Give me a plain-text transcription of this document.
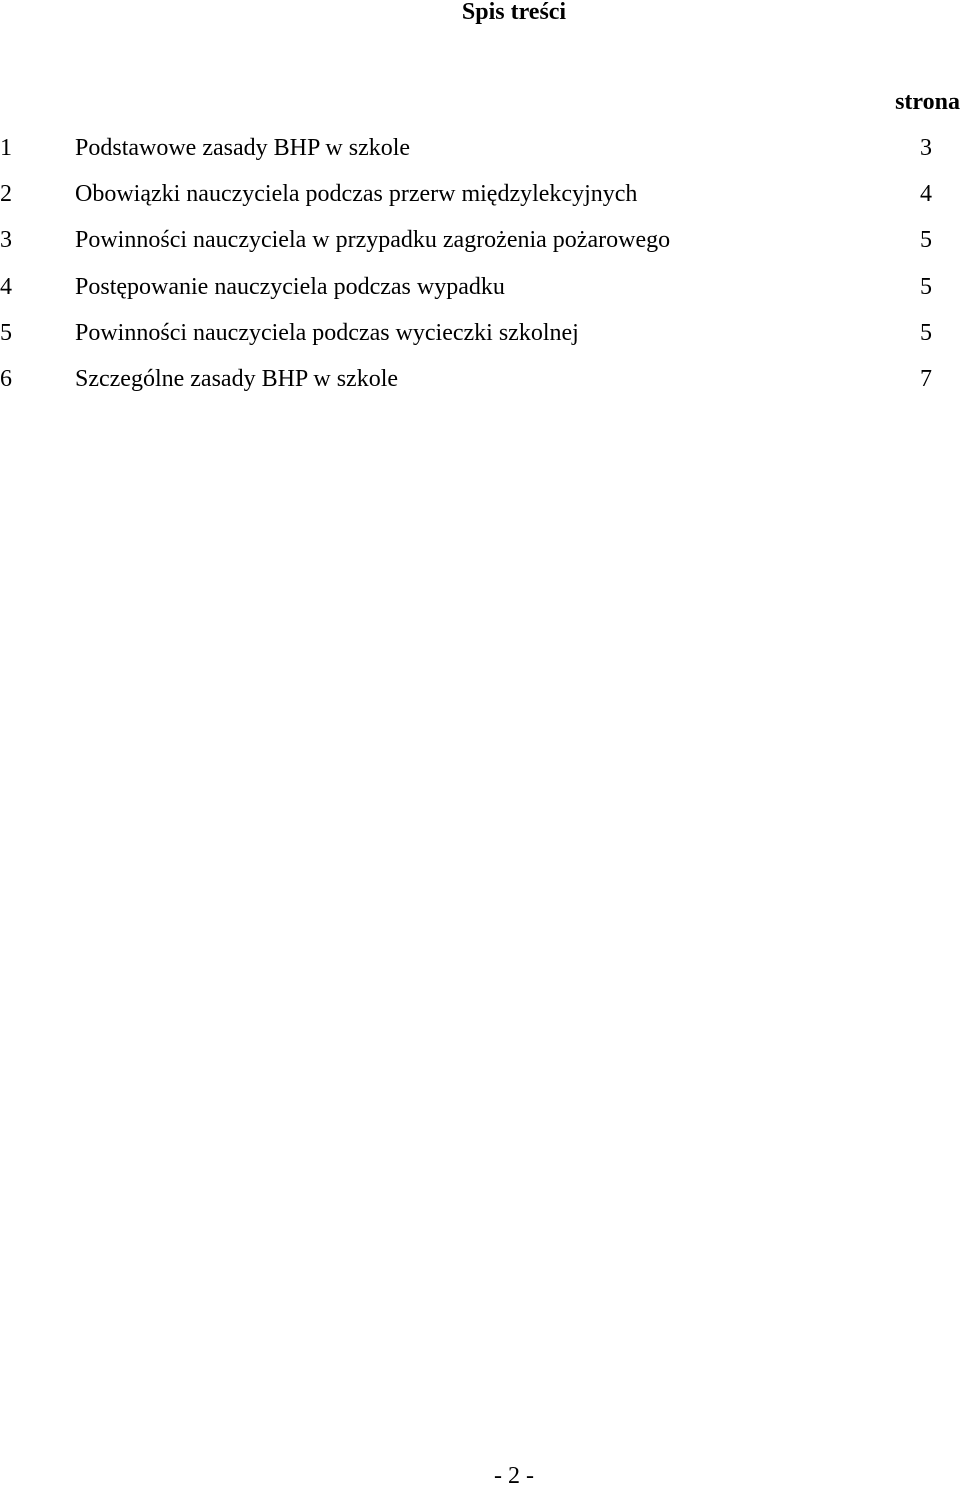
Spis treści
strona
1	Podstawowe zasady BHP w szkole	3
2	Obowiązki nauczyciela podczas przerw międzylekcyjnych	4
3	Powinności nauczyciela w przypadku zagrożenia pożarowego	5
4	Postępowanie nauczyciela podczas wypadku	5
5	Powinności nauczyciela podczas wycieczki szkolnej	5
6	Szczególne zasady BHP w szkole	7
- 2 -
